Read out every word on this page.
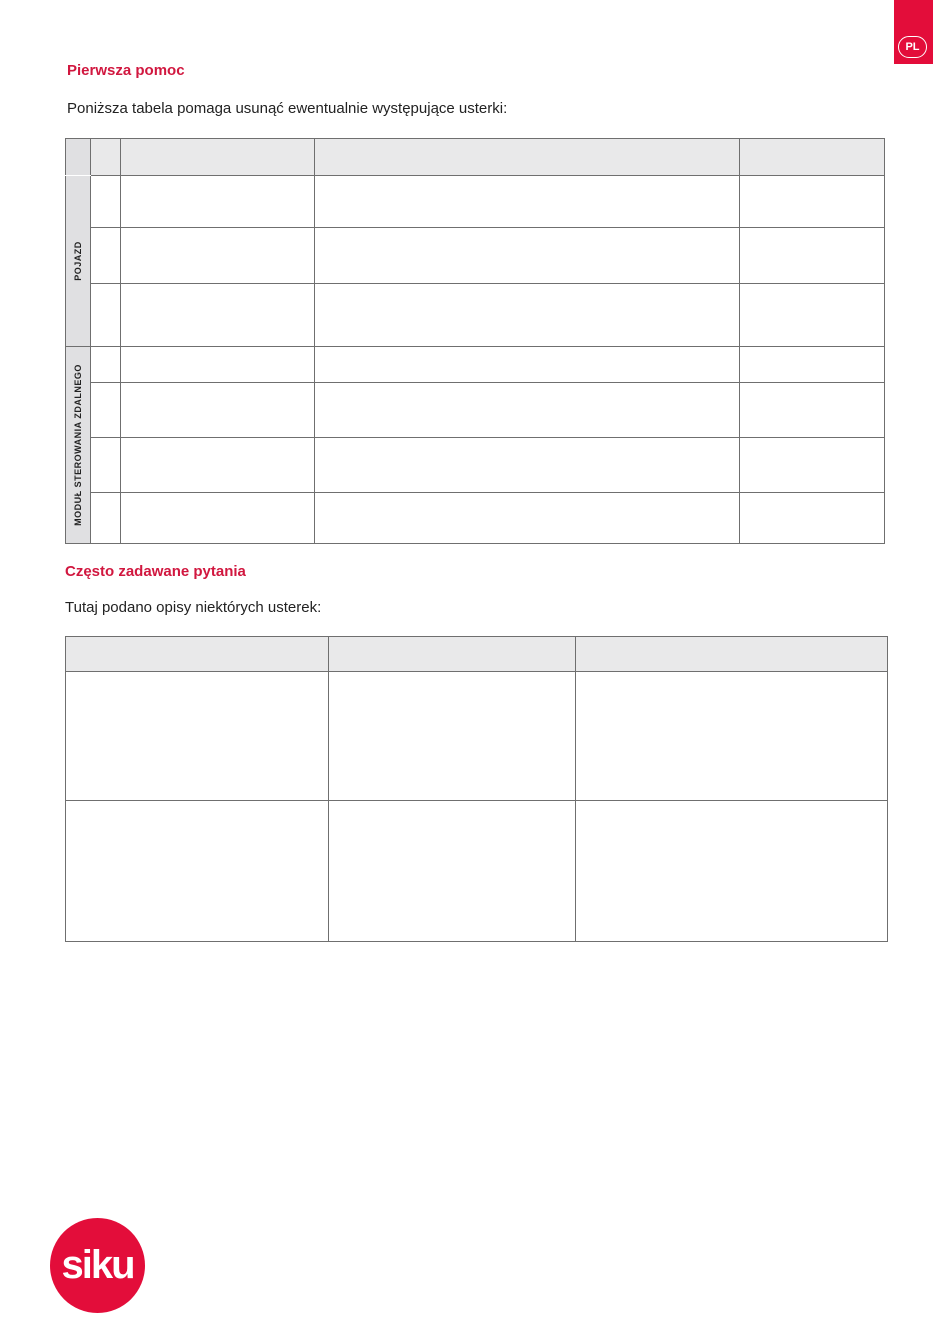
PL
Pierwsza pomoc
Poniższa tabela pomaga usunąć ewentualnie występujące usterki:

POJAZD				

MODUŁ STEROWANIA ZDALNEGO				

Często zadawane pytania
Tutaj podano opisy niektórych usterek:

siku
